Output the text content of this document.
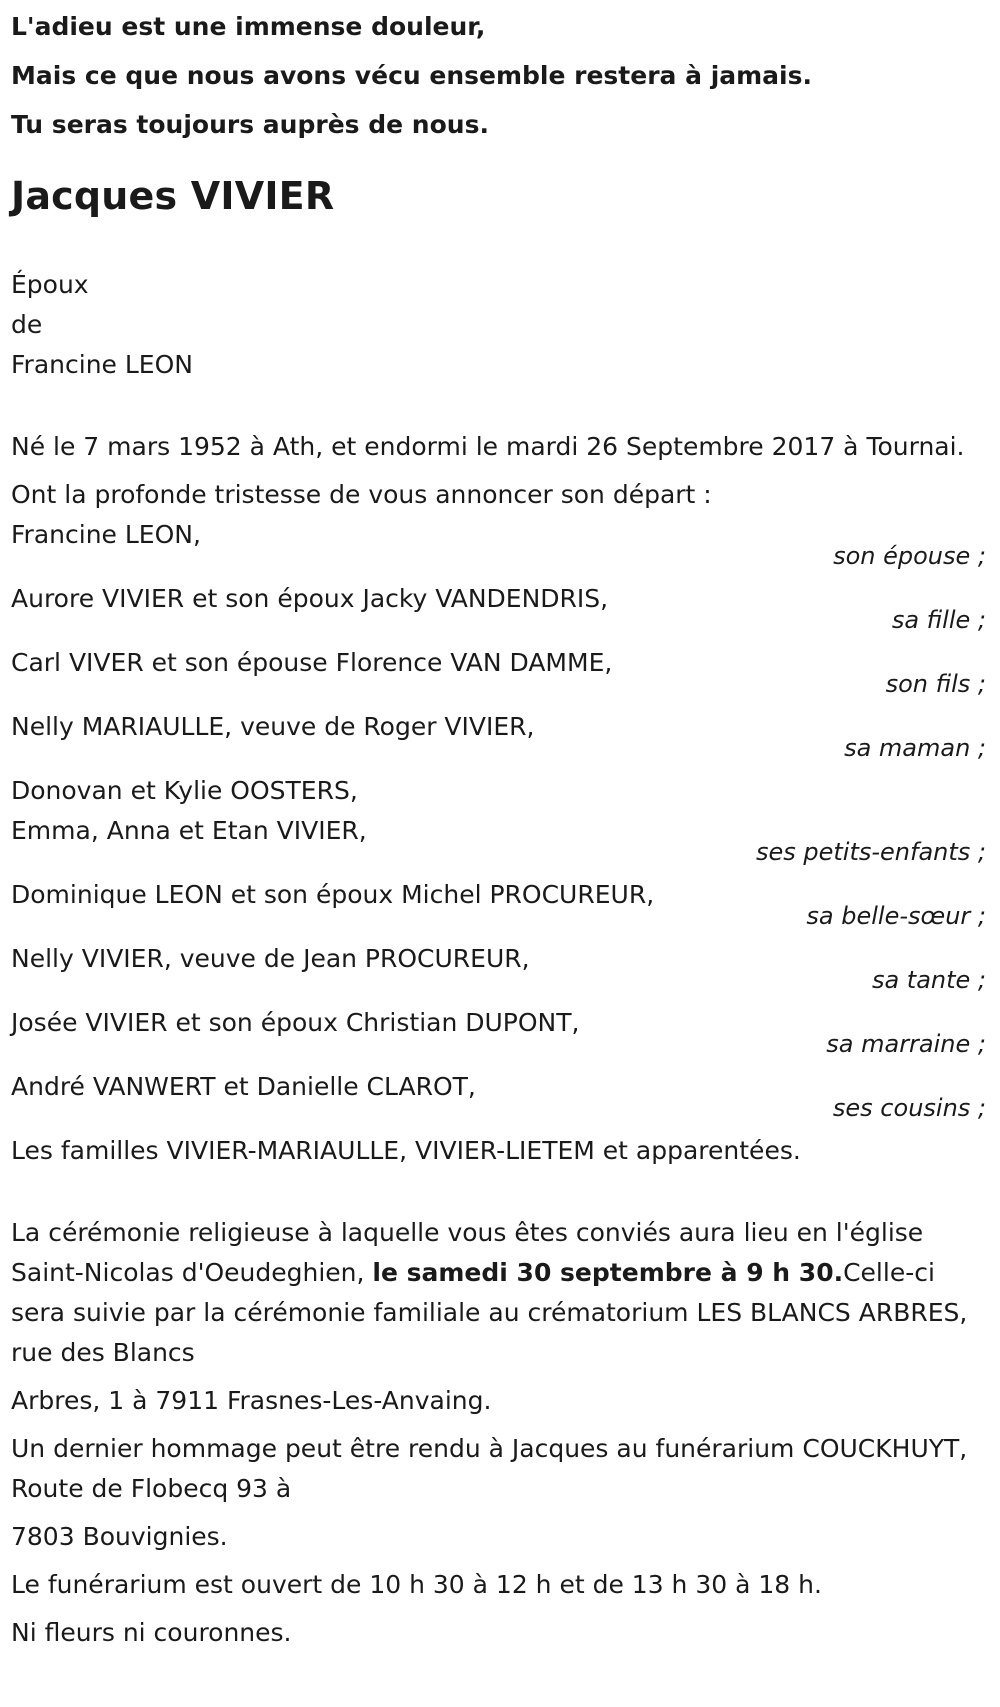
L'adieu est une immense douleur,

Mais ce que nous avons vécu ensemble restera à jamais.

Tu seras toujours auprès de nous.

Jacques VIVIER

Époux

de

Francine LEON

Né le 7 mars 1952 à Ath, et endormi le mardi 26 Septembre 2017 à Tournai.

Ont la profonde tristesse de vous annoncer son départ :

Francine LEON,

son épouse ;

Aurore VIVIER et son époux Jacky VANDENDRIS,

sa fille ;

Carl VIVER et son épouse Florence VAN DAMME,

son fils ;

Nelly MARIAULLE, veuve de Roger VIVIER,

sa maman ;

Donovan et Kylie OOSTERS,

Emma, Anna et Etan VIVIER,

ses petits-enfants ;

Dominique LEON et son époux Michel PROCUREUR,

sa belle-sœur ;

Nelly VIVIER, veuve de Jean PROCUREUR,

sa tante ;

Josée VIVIER et son époux Christian DUPONT,

sa marraine ;

André VANWERT et Danielle CLAROT,

ses cousins ;

Les familles VIVIER-MARIAULLE, VIVIER-LIETEM et apparentées.

La cérémonie religieuse à laquelle vous êtes conviés aura lieu en l'église Saint-Nicolas d'Oeudeghien, le samedi 30 septembre à 9 h 30.Celle-ci sera suivie par la cérémonie familiale au crématorium LES BLANCS ARBRES, rue des Blancs

Arbres, 1 à 7911 Frasnes-Les-Anvaing.

Un dernier hommage peut être rendu à Jacques au funérarium COUCKHUYT, Route de Flobecq 93 à

7803 Bouvignies.

Le funérarium est ouvert de 10 h 30 à 12 h et de 13 h 30 à 18 h.

Ni fleurs ni couronnes.
